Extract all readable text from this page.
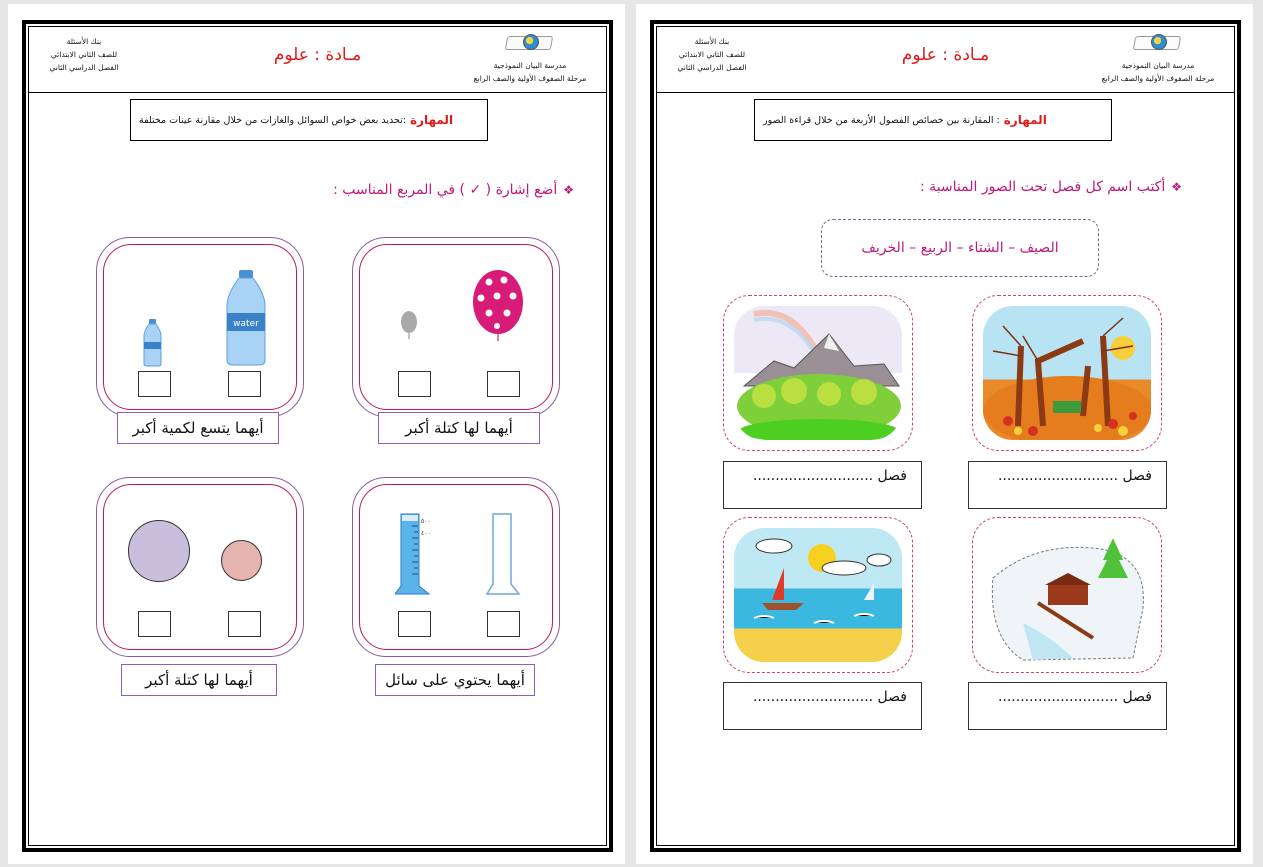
بنك الأسئلة
للصف الثاني الابتدائي
الفصل الدراسي الثاني
مـادة : علوم
مدرسة البيان النموذجية
مرحلة الصفوف الأولية والصف الرابع
المهارة
:تحديد بعض خواص السوائل والغازات من خلال مقارنة عينات مختلفة
❖أضع إشارة ( ✓ ) في المربع المناسب :
أيهما لها كتلة أكبر
water
أيهما يتسع لكمية أكبر
٥٠٠
٤٠٠
أيهما يحتوي على سائل
أيهما لها كتلة أكبر
بنك الأسئلة
للصف الثاني الابتدائي
الفصل الدراسي الثاني
مـادة : علوم
مدرسة البيان النموذجية
مرحلة الصفوف الأولية والصف الرابع
المهارة
: المقارنة بين خصائص الفصول الأربعة من خلال قراءة الصور
❖أكتب اسم كل فصل تحت الصور المناسبة :
الصيف – الشتاء – الربيع – الخريف
فصل ...........................
فصل ...........................
فصل ...........................
فصل ...........................
